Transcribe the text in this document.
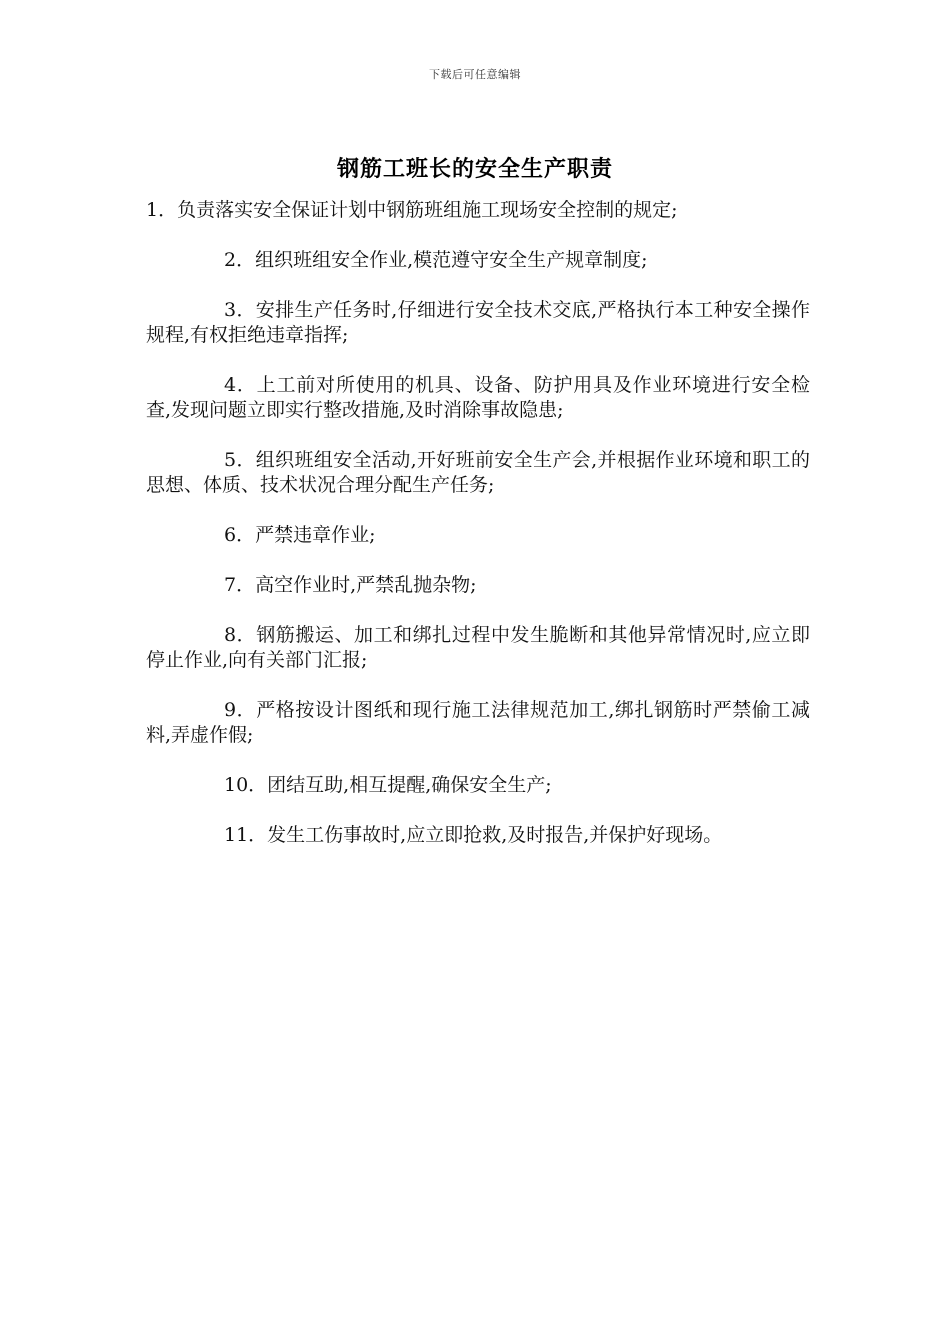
下载后可任意编辑
钢筋工班长的安全生产职责

1．负责落实安全保证计划中钢筋班组施工现场安全控制的规定;

2．组织班组安全作业,模范遵守安全生产规章制度;

3．安排生产任务时,仔细进行安全技术交底,严格执行本工种安全操作规程,有权拒绝违章指挥;

4．上工前对所使用的机具、设备、防护用具及作业环境进行安全检查,发现问题立即实行整改措施,及时消除事故隐患;

5．组织班组安全活动,开好班前安全生产会,并根据作业环境和职工的思想、体质、技术状况合理分配生产任务;

6．严禁违章作业;

7．高空作业时,严禁乱抛杂物;

8．钢筋搬运、加工和绑扎过程中发生脆断和其他异常情况时,应立即停止作业,向有关部门汇报;

9．严格按设计图纸和现行施工法律规范加工,绑扎钢筋时严禁偷工减料,弄虚作假;

10．团结互助,相互提醒,确保安全生产;

11．发生工伤事故时,应立即抢救,及时报告,并保护好现场。
